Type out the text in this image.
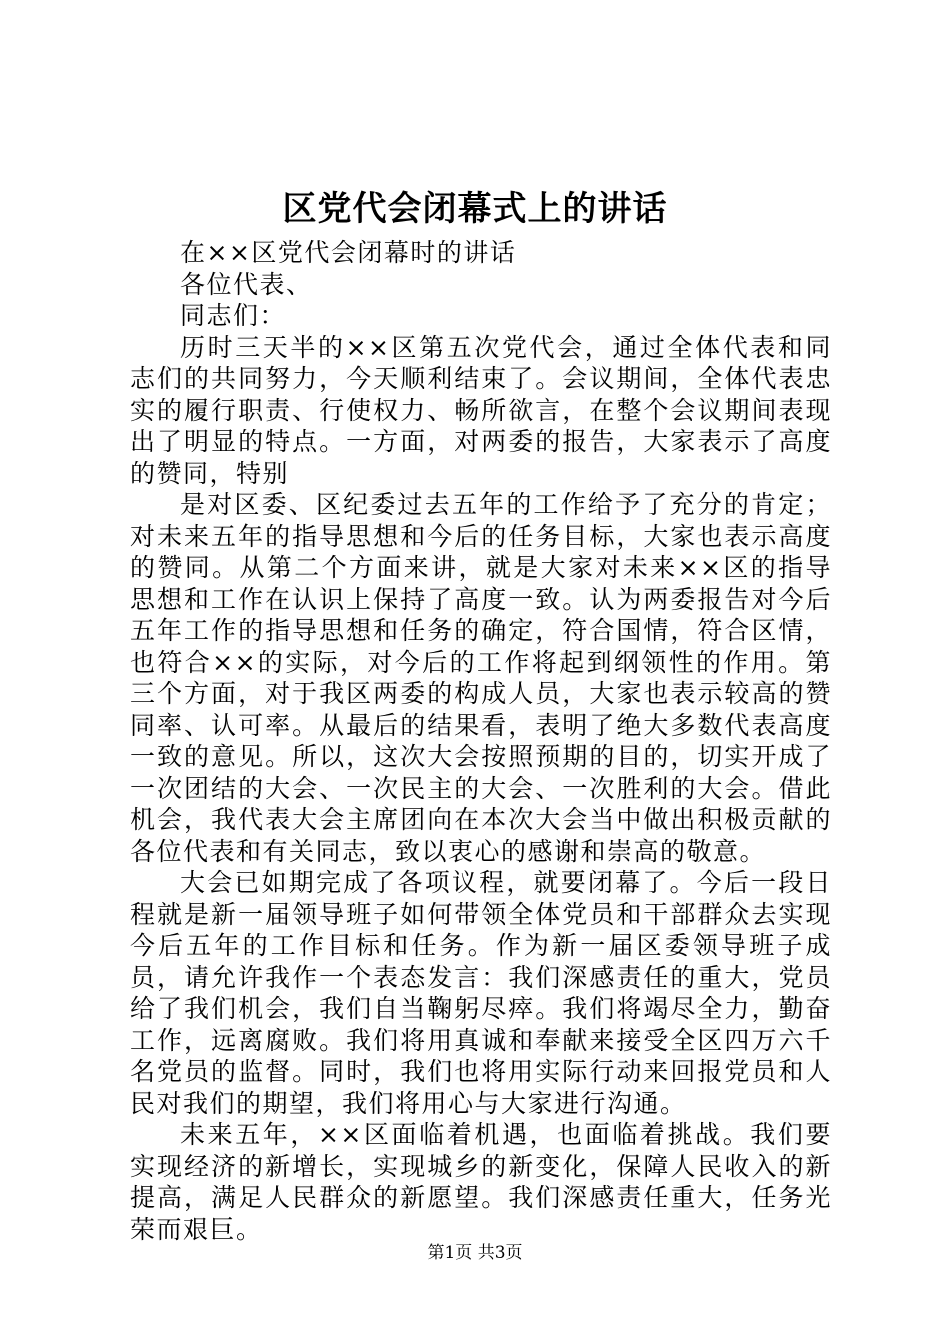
区党代会闭幕式上的讲话

在××区党代会闭幕时的讲话

各位代表、

同志们：

历时三天半的××区第五次党代会，通过全体代表和同志们的共同努力，今天顺利结束了。会议期间，全体代表忠实的履行职责、行使权力、畅所欲言，在整个会议期间表现出了明显的特点。一方面，对两委的报告，大家表示了高度的赞同，特别

是对区委、区纪委过去五年的工作给予了充分的肯定；对未来五年的指导思想和今后的任务目标，大家也表示高度的赞同。从第二个方面来讲，就是大家对未来××区的指导思想和工作在认识上保持了高度一致。认为两委报告对今后五年工作的指导思想和任务的确定，符合国情，符合区情，也符合××的实际，对今后的工作将起到纲领性的作用。第三个方面，对于我区两委的构成人员，大家也表示较高的赞同率、认可率。从最后的结果看，表明了绝大多数代表高度一致的意见。所以，这次大会按照预期的目的，切实开成了一次团结的大会、一次民主的大会、一次胜利的大会。借此机会，我代表大会主席团向在本次大会当中做出积极贡献的各位代表和有关同志，致以衷心的感谢和崇高的敬意。

大会已如期完成了各项议程，就要闭幕了。今后一段日程就是新一届领导班子如何带领全体党员和干部群众去实现今后五年的工作目标和任务。作为新一届区委领导班子成员，请允许我作一个表态发言：我们深感责任的重大，党员给了我们机会，我们自当鞠躬尽瘁。我们将竭尽全力，勤奋工作，远离腐败。我们将用真诚和奉献来接受全区四万六千名党员的监督。同时，我们也将用实际行动来回报党员和人民对我们的期望，我们将用心与大家进行沟通。

未来五年，××区面临着机遇，也面临着挑战。我们要实现经济的新增长，实现城乡的新变化，保障人民收入的新提高，满足人民群众的新愿望。我们深感责任重大，任务光荣而艰巨。

第1页 共3页
